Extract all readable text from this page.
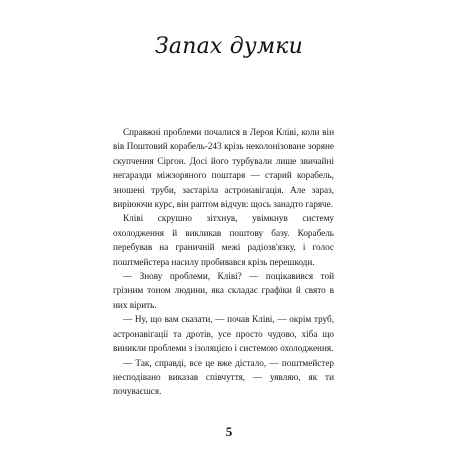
Запах думки

Справжні проблеми почалися в Лероя Кліві, коли він вів Поштовий корабель-243 крізь неколонізоване зоряне скупчення Сіргон. Досі його турбували лише звичайні негаразди міжзоряного поштаря — старий корабель, зношені труби, застаріла астронавігація. Але зараз, виріюючи курс, він раптом відчув: щось занадто гаряче.

Кліві скрушно зітхнув, увімкнув систему охолодження й викликав поштову базу. Корабель перебував на граничній межі радіозв'язку, і голос поштмейстера насилу пробивався крізь перешкоди.

— Знову проблеми, Кліві? — поцікавився той грізним тоном людини, яка складає графіки й свято в них вірить.

— Ну, що вам сказати, — почав Кліві, — окрім труб, астронавігації та дротів, усе просто чудово, хіба що виникли проблеми з ізоляцією і системою охолодження.

— Так, справді, все це вже дістало, — поштмейстер несподівано виказав співчуття, — уявляю, як ти почуваєшся.

5
